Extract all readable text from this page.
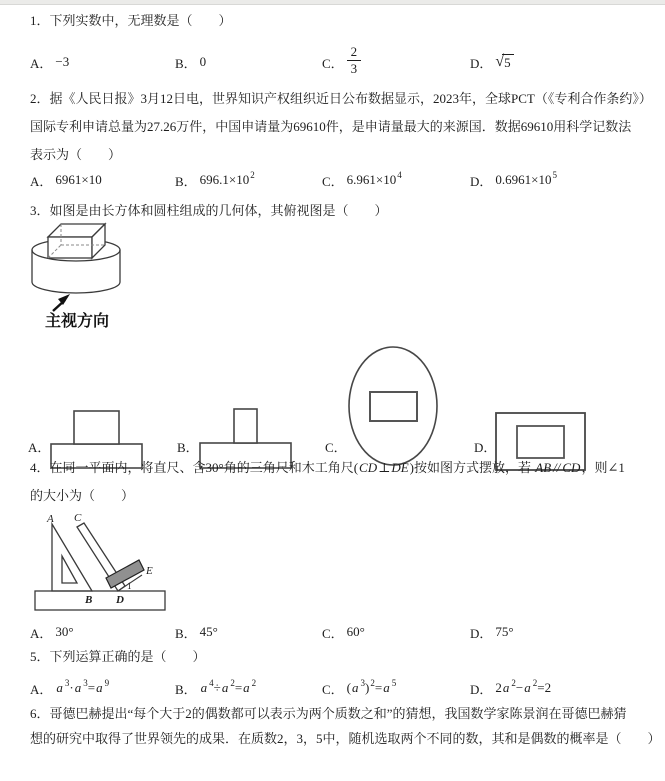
1．下列实数中，无理数是（　　）
A． −3	B． 0	C． $\frac{2}{3}$	D． √ 5
2．据《人民日报》3月12日电，世界知识产权组织近日公布数据显示，2023年，全球PCT（《专利合作条约》）
国际专利申请总量为27.26万件，中国申请量为69610件，是申请量最大的来源国．数据69610用科学记数法
表示为（　　）
A． 6961×10	B． $696.1\times 10^2$	C． $6.961\times 10^4$	D． $0.6961\times 10^5$
3．如图是由长方体和圆柱组成的几何体，其俯视图是（　　）
主视方向
A．	B．	C．	D．
4．在同一平面内，将直尺、含30°角的三角尺和木工角尺(CD⊥DE)按如图方式摆放，若 AB // CD，则∠1
的大小为（　　）
A C
E
B D
1
A． 30°	B． 45°	C． 60°	D． 75°
5．下列运算正确的是（　　）
A． a $^3$·a $^3$=a $^9$	B． a $^4$÷a $^2$=a $^2$	C． (a $^3$)$^2$=a $^5$	D． 2a $^2$−a $^2$=2
6．哥德巴赫提出“每个大于2的偶数都可以表示为两个质数之和”的猜想，我国数学家陈景润在哥德巴赫猜
想的研究中取得了世界领先的成果．在质数2，3，5中，随机选取两个不同的数，其和是偶数的概率是（　　）
